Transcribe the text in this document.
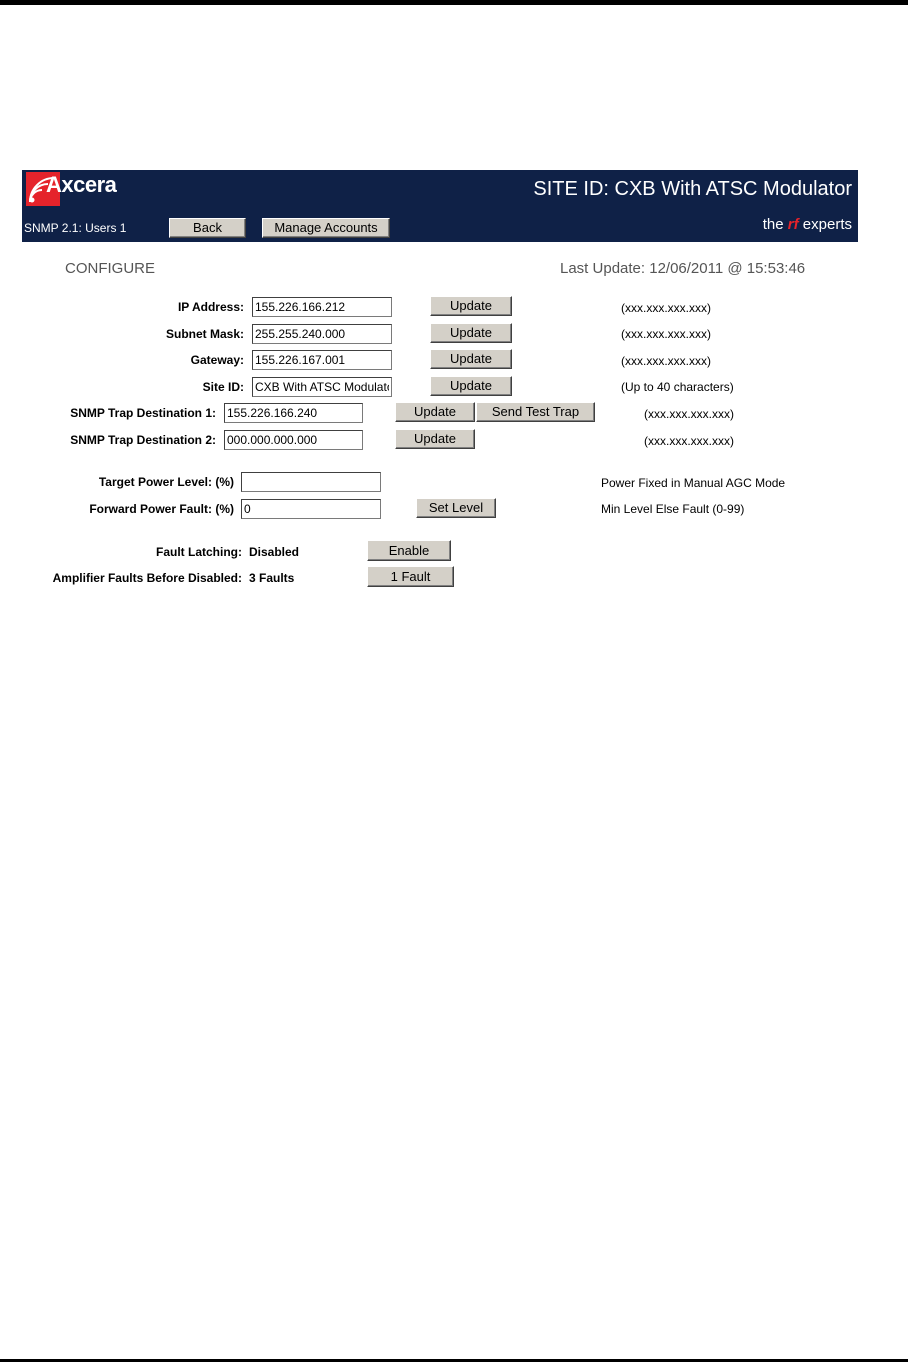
Axcera	SITE ID: CXB With ATSC Modulator
SNMP 2.1: Users 1	Back	Manage Accounts	the rf experts
CONFIGURE	Last Update: 12/06/2011 @ 15:53:46
IP Address:
155.226.166.212	Update	(xxx.xxx.xxx.xxx)
Subnet Mask:
255.255.240.000	Update	(xxx.xxx.xxx.xxx)
Gateway:
155.226.167.001	Update	(xxx.xxx.xxx.xxx)
Site ID:
CXB With ATSC Modulator	Update	(Up to 40 characters)
SNMP Trap Destination 1:
155.226.166.240	Update	Send Test Trap	(xxx.xxx.xxx.xxx)
SNMP Trap Destination 2:
000.000.000.000	Update	(xxx.xxx.xxx.xxx)
Target Power Level: (%)	Power Fixed in Manual AGC Mode
Forward Power Fault: (%)
0	Set Level	Min Level Else Fault (0-99)
Fault Latching: Disabled	Enable
Amplifier Faults Before Disabled: 3 Faults	1 Fault
